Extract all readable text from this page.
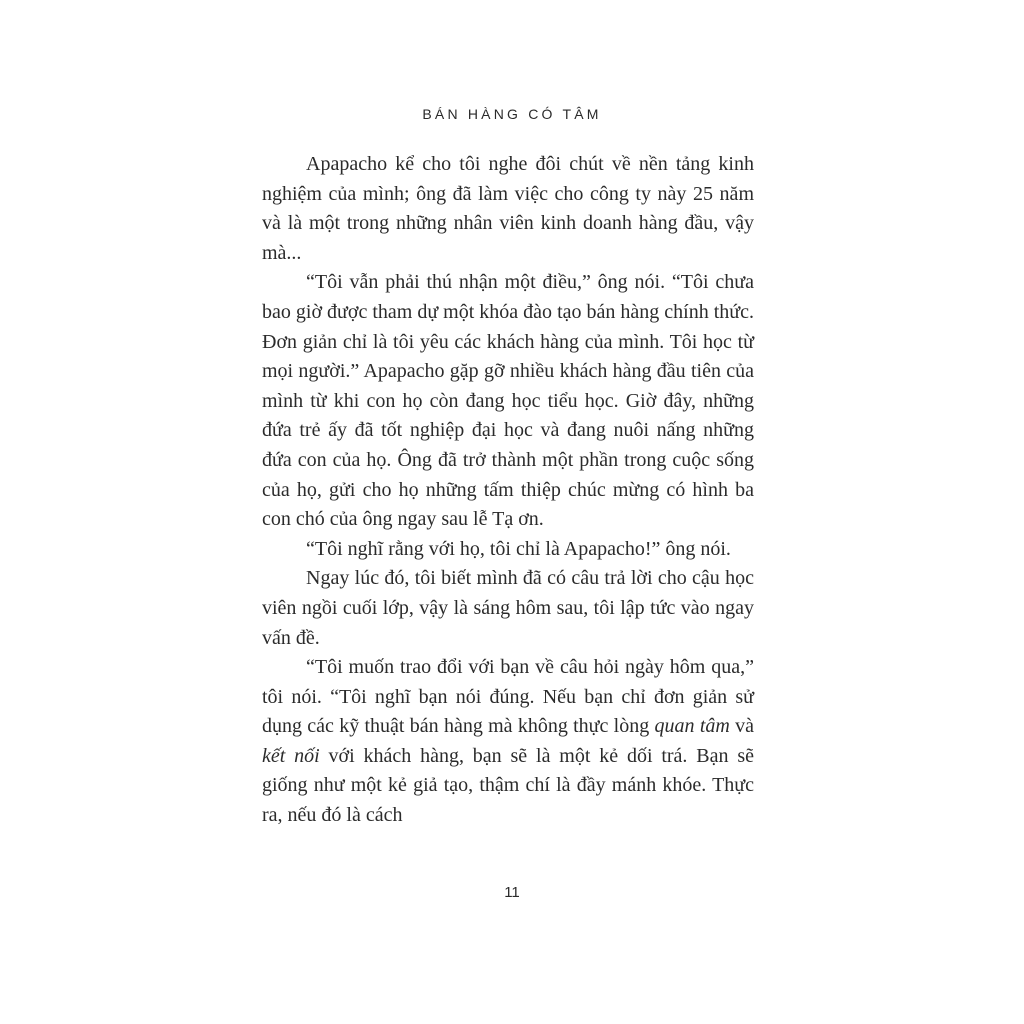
BÁN HÀNG CÓ TÂM

Apapacho kể cho tôi nghe đôi chút về nền tảng kinh nghiệm của mình; ông đã làm việc cho công ty này 25 năm và là một trong những nhân viên kinh doanh hàng đầu, vậy mà...

“Tôi vẫn phải thú nhận một điều,” ông nói. “Tôi chưa bao giờ được tham dự một khóa đào tạo bán hàng chính thức. Đơn giản chỉ là tôi yêu các khách hàng của mình. Tôi học từ mọi người.” Apapacho gặp gỡ nhiều khách hàng đầu tiên của mình từ khi con họ còn đang học tiểu học. Giờ đây, những đứa trẻ ấy đã tốt nghiệp đại học và đang nuôi nấng những đứa con của họ. Ông đã trở thành một phần trong cuộc sống của họ, gửi cho họ những tấm thiệp chúc mừng có hình ba con chó của ông ngay sau lễ Tạ ơn.

“Tôi nghĩ rằng với họ, tôi chỉ là Apapacho!” ông nói.

Ngay lúc đó, tôi biết mình đã có câu trả lời cho cậu học viên ngồi cuối lớp, vậy là sáng hôm sau, tôi lập tức vào ngay vấn đề.

“Tôi muốn trao đổi với bạn về câu hỏi ngày hôm qua,” tôi nói. “Tôi nghĩ bạn nói đúng. Nếu bạn chỉ đơn giản sử dụng các kỹ thuật bán hàng mà không thực lòng quan tâm và kết nối với khách hàng, bạn sẽ là một kẻ dối trá. Bạn sẽ giống như một kẻ giả tạo, thậm chí là đầy mánh khóe. Thực ra, nếu đó là cách

11
